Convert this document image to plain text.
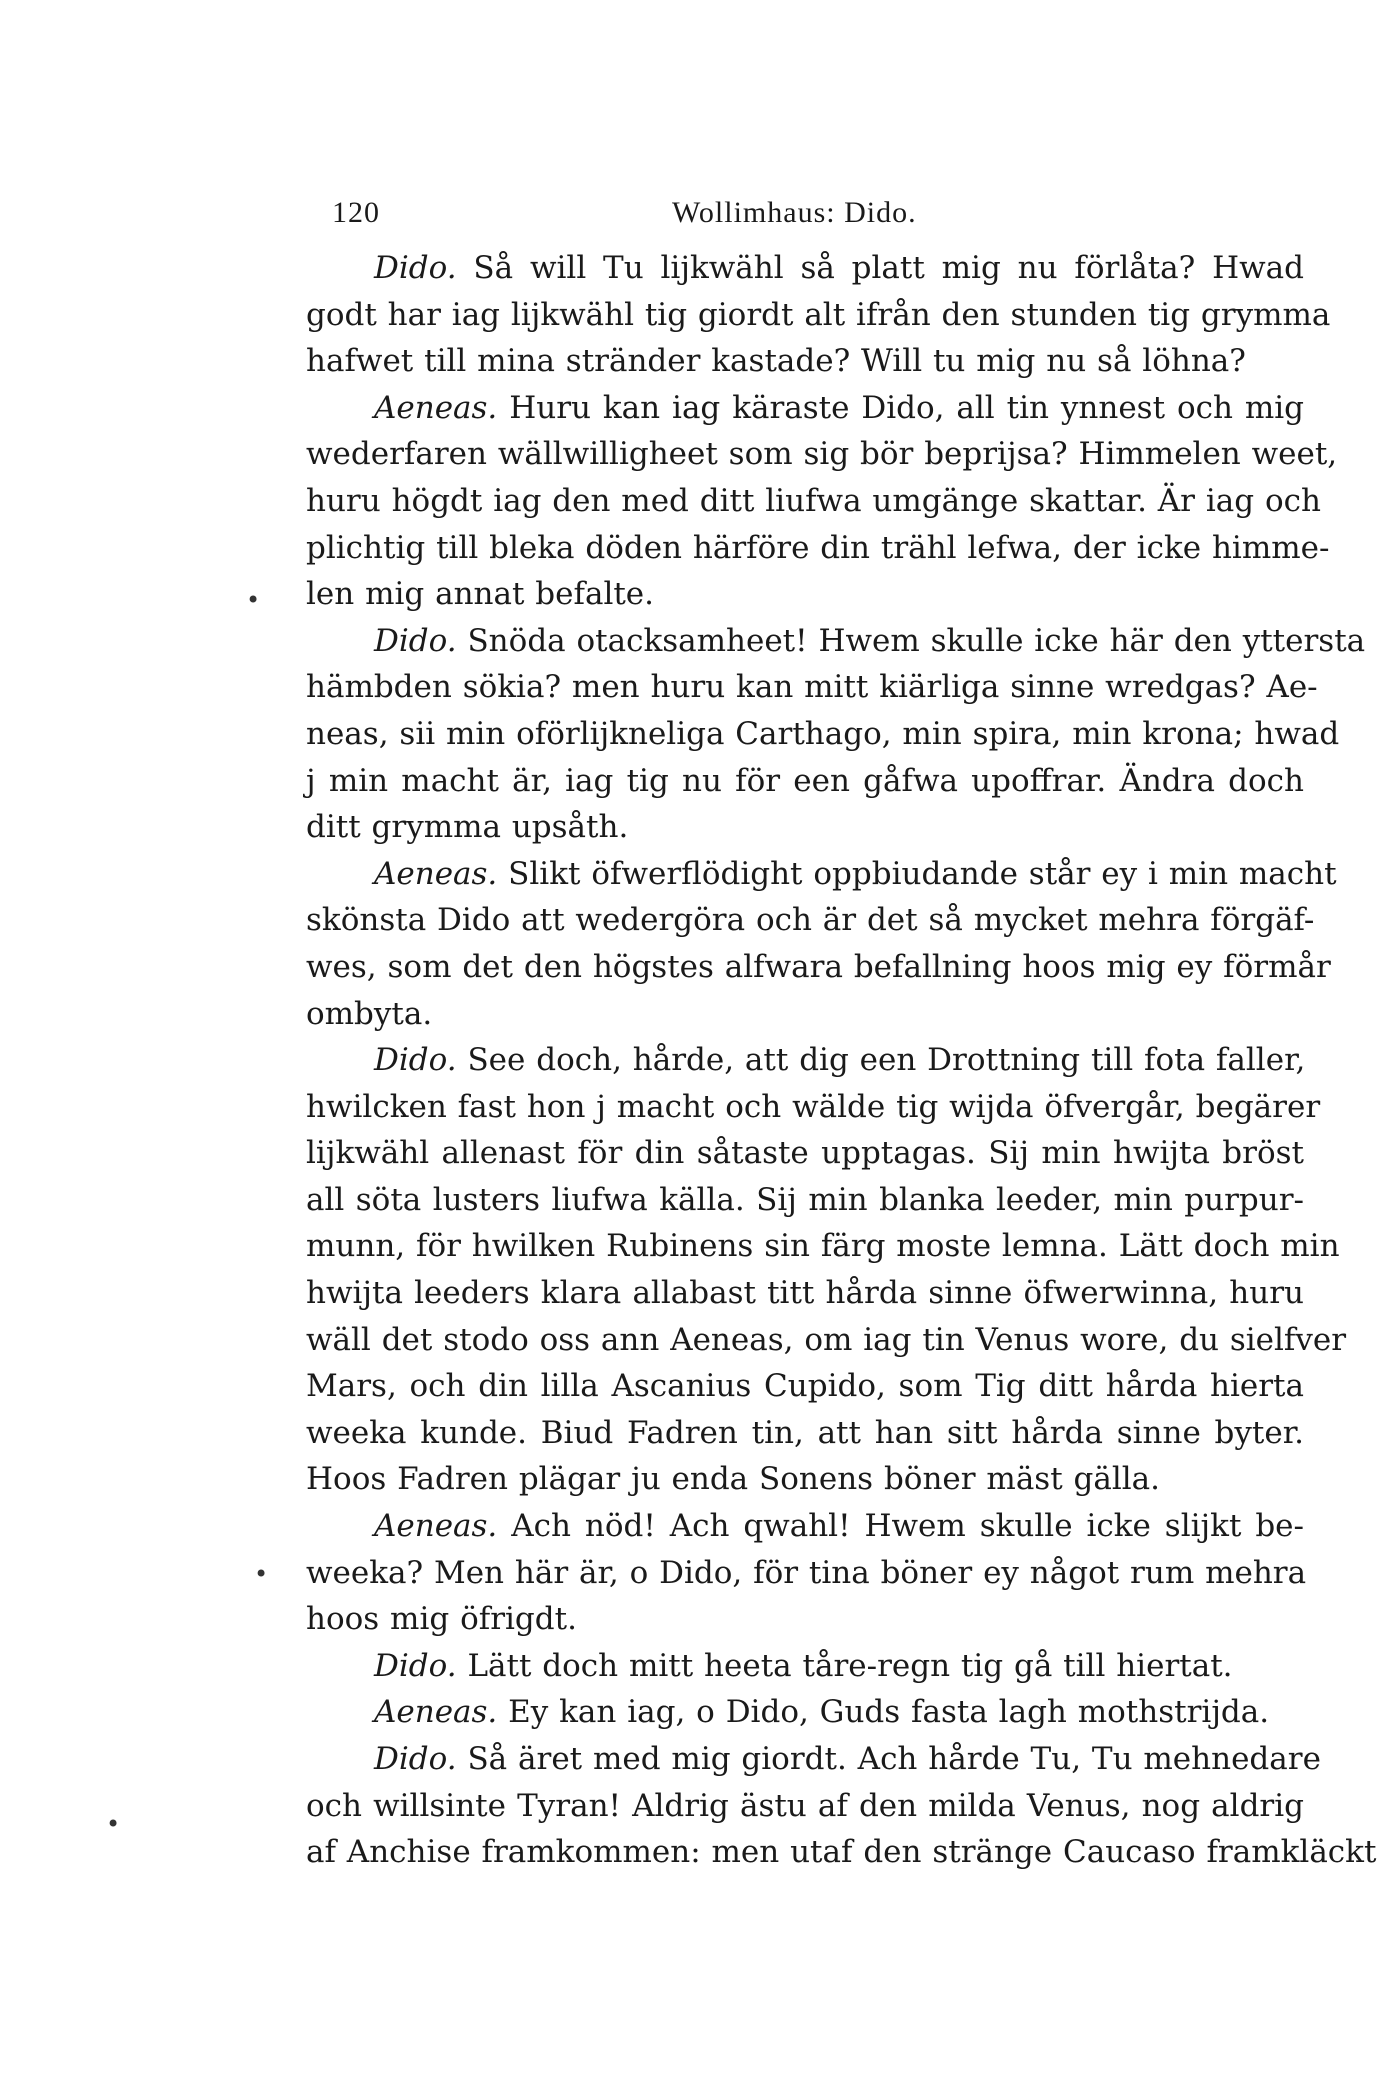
120	Wollimhaus: Dido.
Dido. Så will Tu lijkwähl så platt mig nu förlåta? Hwad
godt har iag lijkwähl tig giordt alt ifrån den stunden tig grymma
hafwet till mina stränder kastade? Will tu mig nu så löhna?
Aeneas. Huru kan iag käraste Dido, all tin ynnest och mig
wederfaren wällwilligheet som sig bör beprijsa? Himmelen weet,
huru högdt iag den med ditt liufwa umgänge skattar. Är iag och
plichtig till bleka döden härföre din trähl lefwa, der icke himme-
len mig annat befalte.
Dido. Snöda otacksamheet! Hwem skulle icke här den yttersta
hämbden sökia? men huru kan mitt kiärliga sinne wredgas? Ae-
neas, sii min oförlijkneliga Carthago, min spira, min krona; hwad
j min macht är, iag tig nu för een gåfwa upoffrar. Ändra doch
ditt grymma upsåth.
Aeneas. Slikt öfwerflödight oppbiudande står ey i min macht
skönsta Dido att wedergöra och är det så mycket mehra förgäf-
wes, som det den högstes alfwara befallning hoos mig ey förmår
ombyta.
Dido. See doch, hårde, att dig een Drottning till fota faller,
hwilcken fast hon j macht och wälde tig wijda öfvergår, begärer
lijkwähl allenast för din såtaste upptagas. Sij min hwijta bröst
all söta lusters liufwa källa. Sij min blanka leeder, min purpur-
munn, för hwilken Rubinens sin färg moste lemna. Lätt doch min
hwijta leeders klara allabast titt hårda sinne öfwerwinna, huru
wäll det stodo oss ann Aeneas, om iag tin Venus wore, du sielfver
Mars, och din lilla Ascanius Cupido, som Tig ditt hårda hierta
weeka kunde. Biud Fadren tin, att han sitt hårda sinne byter.
Hoos Fadren plägar ju enda Sonens böner mäst gälla.
Aeneas. Ach nöd! Ach qwahl! Hwem skulle icke slijkt be-
weeka? Men här är, o Dido, för tina böner ey något rum mehra
hoos mig öfrigdt.
Dido. Lätt doch mitt heeta tåre-regn tig gå till hiertat.
Aeneas. Ey kan iag, o Dido, Guds fasta lagh mothstrijda.
Dido. Så äret med mig giordt. Ach hårde Tu, Tu mehnedare
och willsinte Tyran! Aldrig ästu af den milda Venus, nog aldrig
af Anchise framkommen: men utaf den stränge Caucaso framkläckt
•
•
•
